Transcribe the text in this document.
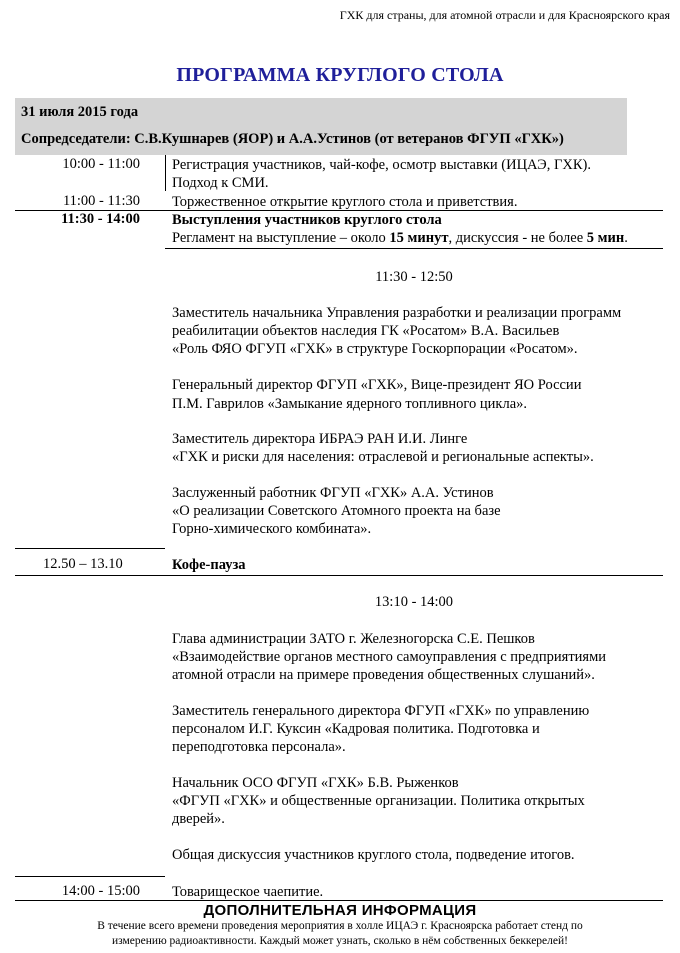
ГХК для страны, для атомной отрасли и для Красноярского края
ПРОГРАММА КРУГЛОГО СТОЛА
31 июля 2015 года
Сопредседатели: С.В.Кушнарев (ЯОР) и А.А.Устинов (от ветеранов ФГУП «ГХК»)
10:00 - 11:00 Регистрация участников, чай-кофе, осмотр выставки (ИЦАЭ, ГХК).
Подход к СМИ.
11:00 - 11:30 Торжественное открытие круглого стола и приветствия.
11:30 - 14:00 Выступления участников круглого стола
Регламент на выступление – около 15 минут, дискуссия - не более 5 мин.
11:30 - 12:50
Заместитель начальника Управления разработки и реализации программ
реабилитации объектов наследия ГК «Росатом» В.А. Васильев
«Роль ФЯО ФГУП «ГХК» в структуре Госкорпорации «Росатом».
Генеральный директор ФГУП «ГХК», Вице-президент ЯО России
П.М. Гаврилов «Замыкание ядерного топливного цикла».
Заместитель директора ИБРАЭ РАН И.И. Линге
«ГХК и риски для населения: отраслевой и региональные аспекты».
Заслуженный работник ФГУП «ГХК» А.А. Устинов
«О реализации Советского Атомного проекта на базе
Горно-химического комбината».
12.50 – 13.10	Кофе-пауза
13:10 - 14:00
Глава администрации ЗАТО г. Железногорска С.Е. Пешков
«Взаимодействие органов местного самоуправления с предприятиями
атомной отрасли на примере проведения общественных слушаний».
Заместитель генерального директора ФГУП «ГХК» по управлению
персоналом И.Г. Куксин «Кадровая политика. Подготовка и
переподготовка персонала».
Начальник ОСО ФГУП «ГХК» Б.В. Рыженков
«ФГУП «ГХК» и общественные организации. Политика открытых
дверей».
Общая дискуссия участников круглого стола, подведение итогов.
14:00 - 15:00 Товарищеское чаепитие.
ДОПОЛНИТЕЛЬНАЯ ИНФОРМАЦИЯ
В течение всего времени проведения мероприятия в холле ИЦАЭ г. Красноярска работает стенд по
измерению радиоактивности. Каждый может узнать, сколько в нём собственных беккерелей!
